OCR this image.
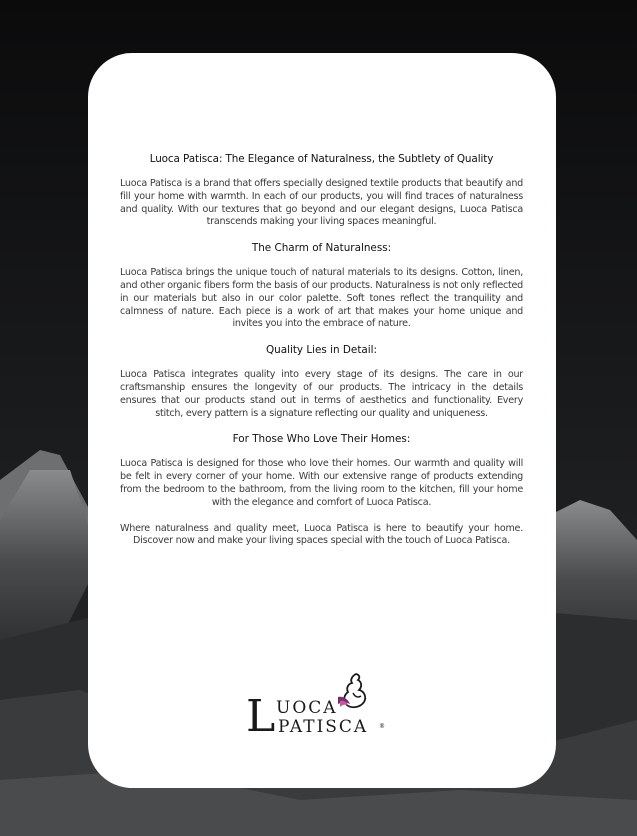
Luoca Patisca: The Elegance of Naturalness, the Subtlety of Quality

Luoca Patisca is a brand that offers specially designed textile products that beautify and fill your home with warmth. In each of our products, you will find traces of naturalness and quality. With our textures that go beyond and our elegant designs, Luoca Patisca transcends making your living spaces meaningful.

The Charm of Naturalness:

Luoca Patisca brings the unique touch of natural materials to its designs. Cotton, linen, and other organic fibers form the basis of our products. Naturalness is not only reflected in our materials but also in our color palette. Soft tones reflect the tranquility and calmness of nature. Each piece is a work of art that makes your home unique and invites you into the embrace of nature.

Quality Lies in Detail:

Luoca Patisca integrates quality into every stage of its designs. The care in our craftsmanship ensures the longevity of our products. The intricacy in the details ensures that our products stand out in terms of aesthetics and functionality. Every stitch, every pattern is a signature reflecting our quality and uniqueness.

For Those Who Love Their Homes:

Luoca Patisca is designed for those who love their homes. Our warmth and quality will be felt in every corner of your home. With our extensive range of products extending from the bedroom to the bathroom, from the living room to the kitchen, fill your home with the elegance and comfort of Luoca Patisca.

Where naturalness and quality meet, Luoca Patisca is here to beautify your home. Discover now and make your living spaces special with the touch of Luoca Patisca.

L UOCA
PATISCA ®
